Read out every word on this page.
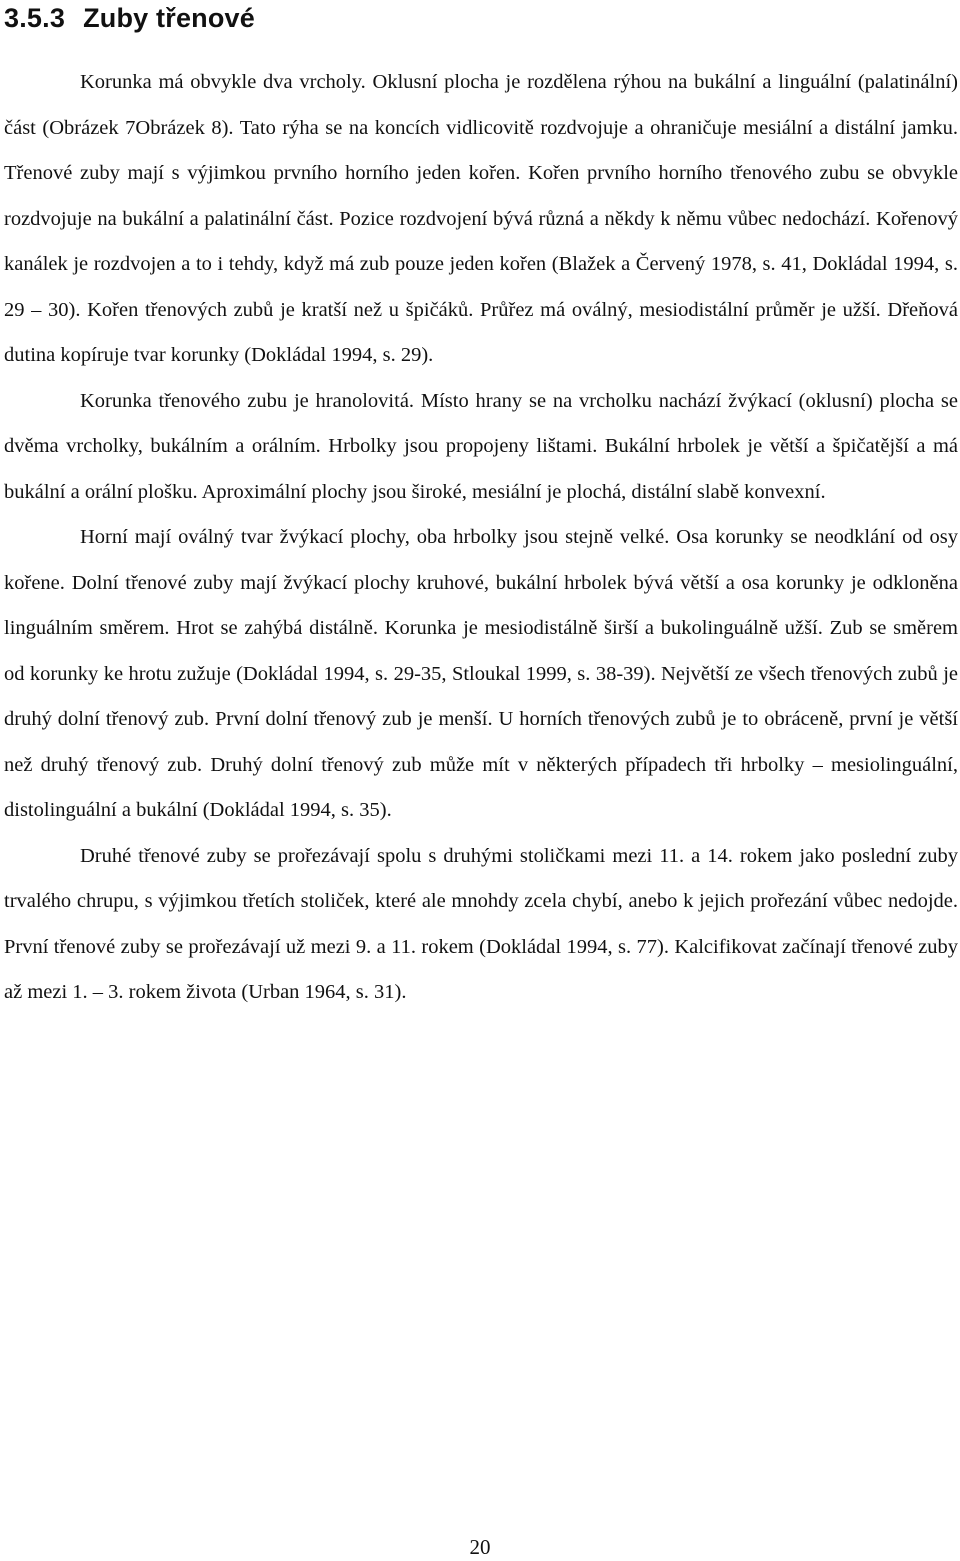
3.5.3 Zuby třenové

Korunka má obvykle dva vrcholy. Oklusní plocha je rozdělena rýhou na bukální a linguální (palatinální) část (Obrázek 7Obrázek 8). Tato rýha se na koncích vidlicovitě rozdvojuje a ohraničuje mesiální a distální jamku. Třenové zuby mají s výjimkou prvního horního jeden kořen. Kořen prvního horního třenového zubu se obvykle rozdvojuje na bukální a palatinální část. Pozice rozdvojení bývá různá a někdy k němu vůbec nedochází. Kořenový kanálek je rozdvojen a to i tehdy, když má zub pouze jeden kořen (Blažek a Červený 1978, s. 41, Dokládal 1994, s. 29 – 30). Kořen třenových zubů je kratší než u špičáků. Průřez má oválný, mesiodistální průměr je užší. Dřeňová dutina kopíruje tvar korunky (Dokládal 1994, s. 29).

Korunka třenového zubu je hranolovitá. Místo hrany se na vrcholku nachází žvýkací (oklusní) plocha se dvěma vrcholky, bukálním a orálním. Hrbolky jsou propojeny lištami. Bukální hrbolek je větší a špičatější a má bukální a orální plošku. Aproximální plochy jsou široké, mesiální je plochá, distální slabě konvexní.

Horní mají oválný tvar žvýkací plochy, oba hrbolky jsou stejně velké. Osa korunky se neodklání od osy kořene. Dolní třenové zuby mají žvýkací plochy kruhové, bukální hrbolek bývá větší a osa korunky je odkloněna linguálním směrem. Hrot se zahýbá distálně. Korunka je mesiodistálně širší a bukolinguálně užší. Zub se směrem od korunky ke hrotu zužuje (Dokládal 1994, s. 29-35, Stloukal 1999, s. 38-39). Největší ze všech třenových zubů je druhý dolní třenový zub. První dolní třenový zub je menší. U horních třenových zubů je to obráceně, první je větší než druhý třenový zub. Druhý dolní třenový zub může mít v některých případech tři hrbolky – mesiolinguální, distolinguální a bukální (Dokládal 1994, s. 35).

Druhé třenové zuby se prořezávají spolu s druhými stoličkami mezi 11. a 14. rokem jako poslední zuby trvalého chrupu, s výjimkou třetích stoliček, které ale mnohdy zcela chybí, anebo k jejich prořezání vůbec nedojde. První třenové zuby se prořezávají už mezi 9. a 11. rokem (Dokládal 1994, s. 77). Kalcifikovat začínají třenové zuby až mezi 1. – 3. rokem života (Urban 1964, s. 31).

20
